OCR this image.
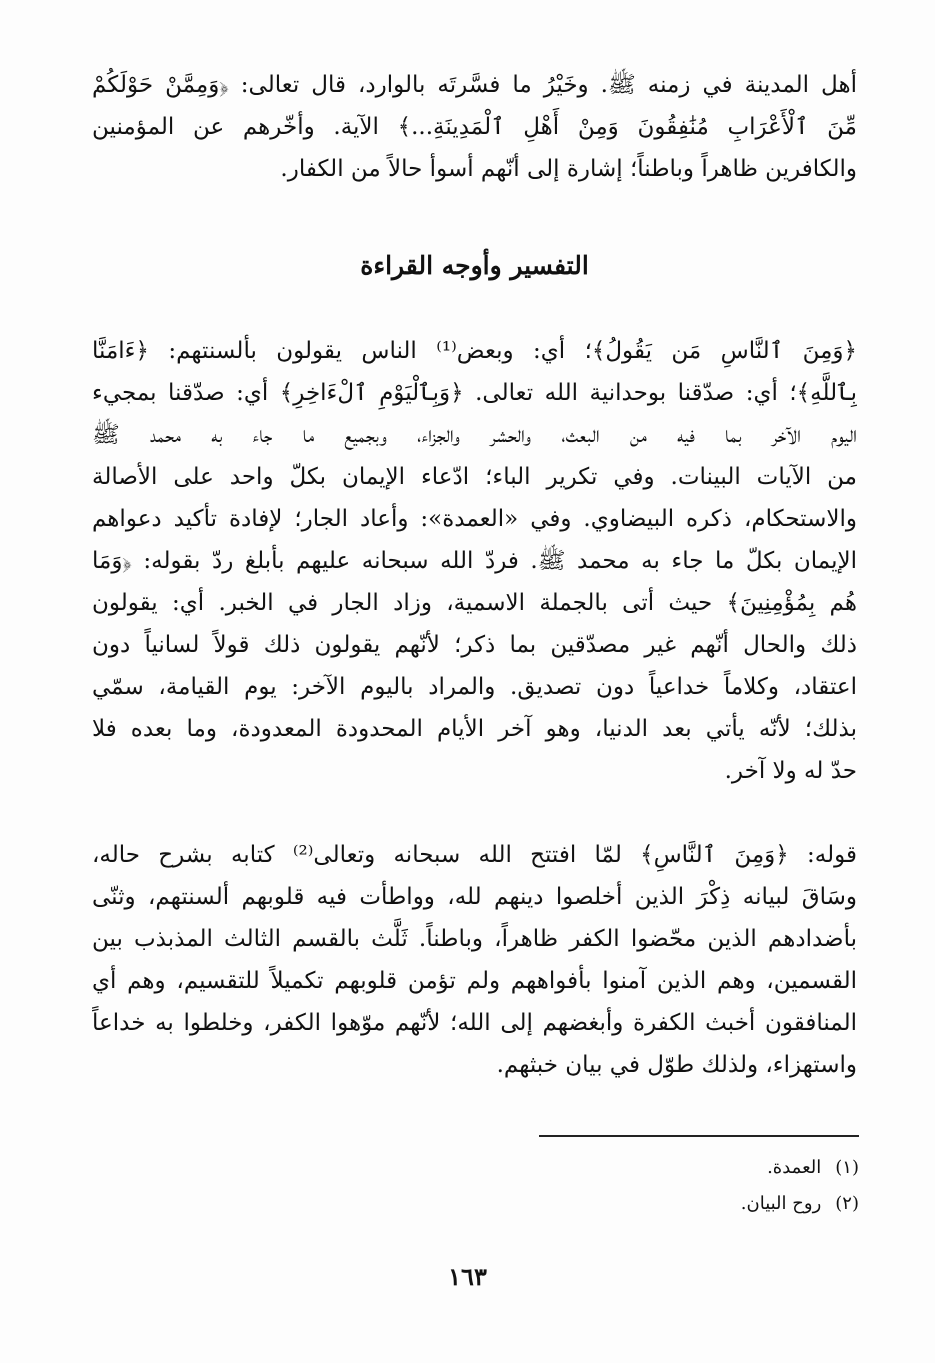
أهل المدينة في زمنه ﷺ. وخَيْرُ ما فسَّرتَه بالوارد، قال تعالى: ﴿وَمِمَّنْ حَوْلَكُمْ
مِّنَ ٱلْأَعْرَابِ مُنَٰفِقُونَ وَمِنْ أَهْلِ ٱلْمَدِينَةِ...﴾ الآية. وأخّرهم عن المؤمنين
والكافرين ظاهراً وباطناً؛ إشارة إلى أنّهم أسوأ حالاً من الكفار.
التفسير وأوجه القراءة
﴿وَمِنَ ٱلنَّاسِ مَن يَقُولُ﴾؛ أي: وبعض⁽¹⁾ الناس يقولون بألسنتهم: ﴿ءَامَنَّا
بِٱللَّهِ﴾؛ أي: صدّقنا بوحدانية الله تعالى. ﴿وَبِٱلْيَوْمِ ٱلْءَاخِرِ﴾ أي: صدّقنا بمجيء
اليوم الآخر بما فيه من البعث، والحشر والجزاء، وبجميع ما جاء به محمد ﷺ
من الآيات البينات. وفي تكرير الباء؛ ادّعاء الإيمان بكلّ واحد على الأصالة
والاستحكام، ذكره البيضاوي. وفي «العمدة»: وأعاد الجار؛ لإفادة تأكيد دعواهم
الإيمان بكلّ ما جاء به محمد ﷺ. فردّ الله سبحانه عليهم بأبلغ ردّ بقوله: ﴿وَمَا
هُم بِمُؤْمِنِينَ﴾ حيث أتى بالجملة الاسمية، وزاد الجار في الخبر. أي: يقولون
ذلك والحال أنّهم غير مصدّقين بما ذكر؛ لأنّهم يقولون ذلك قولاً لسانياً دون
اعتقاد، وكلاماً خداعياً دون تصديق. والمراد باليوم الآخر: يوم القيامة، سمّي
بذلك؛ لأنّه يأتي بعد الدنيا، وهو آخر الأيام المحدودة المعدودة، وما بعده فلا
حدّ له ولا آخر.
قوله: ﴿وَمِنَ ٱلنَّاسِ﴾ لمّا افتتح الله سبحانه وتعالى⁽²⁾ كتابه بشرح حاله،
وسَاقَ لبيانه ذِكْرَ الذين أخلصوا دينهم لله، وواطأت فيه قلوبهم ألسنتهم، وثنّى
بأضدادهم الذين محّضوا الكفر ظاهراً، وباطناً. ثَلَّث بالقسم الثالث المذبذب بين
القسمين، وهم الذين آمنوا بأفواههم ولم تؤمن قلوبهم تكميلاً للتقسيم، وهم أي
المنافقون أخبث الكفرة وأبغضهم إلى الله؛ لأنّهم موّهوا الكفر، وخلطوا به خداعاً
واستهزاء، ولذلك طوّل في بيان خبثهم.
(١)العمدة.
(٢)روح البيان.
١٦٣
